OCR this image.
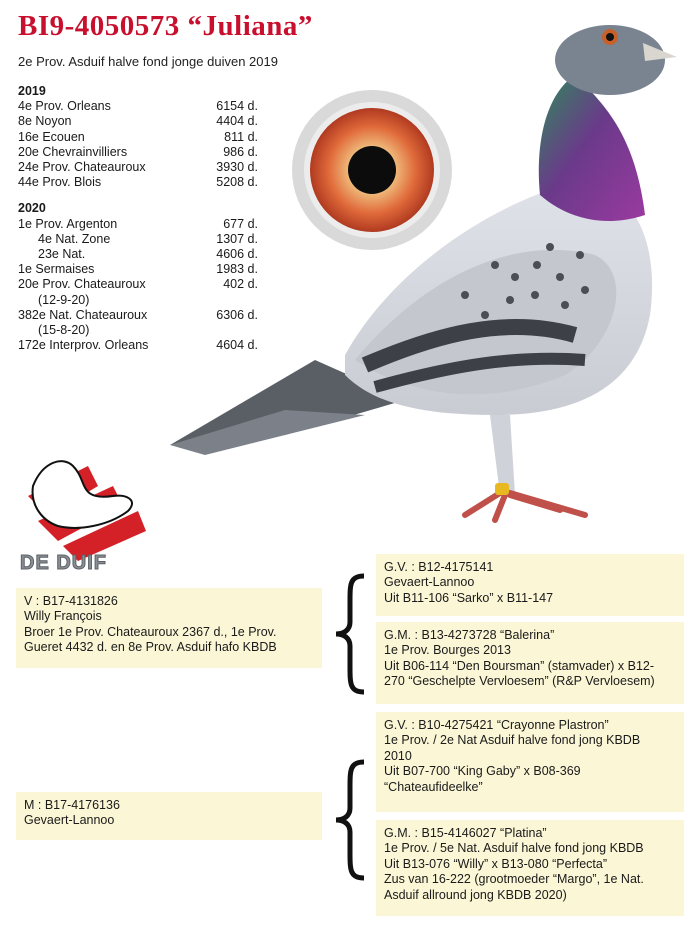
BI9-4050573 “Juliana”
2e Prov. Asduif halve fond jonge duiven 2019
2019
4e Prov. Orleans	6154 d.
8e Noyon	4404 d.
16e Ecouen	811 d.
20e Chevrainvilliers	986 d.
24e Prov. Chateauroux	3930 d.
44e Prov. Blois	5208 d.
2020
1e Prov. Argenton	677 d.
4e Nat. Zone	1307 d.
23e Nat.	4606 d.
1e Sermaises	1983 d.
20e Prov. Chateauroux	402 d.
(12-9-20)
382e Nat. Chateauroux	6306 d.
(15-8-20)
172e Interprov. Orleans	4604 d.
DE DUIF
V : B17-4131826
Willy François
Broer 1e Prov. Chateauroux 2367 d., 1e Prov.
Gueret 4432 d. en 8e Prov. Asduif hafo KBDB
M : B17-4176136
Gevaert-Lannoo
G.V. : B12-4175141
Gevaert-Lannoo
Uit B11-106 “Sarko” x B11-147
G.M. : B13-4273728 “Balerina”
1e Prov. Bourges 2013
Uit B06-114 “Den Boursman” (stamvader) x B12-
270 “Geschelpte Vervloesem” (R&P Vervloesem)
G.V. : B10-4275421 “Crayonne Plastron”
1e Prov. / 2e Nat Asduif halve fond jong KBDB
2010
Uit B07-700 “King Gaby” x B08-369
“Chateaufideelke”
G.M. : B15-4146027 “Platina”
1e Prov. / 5e Nat. Asduif halve fond jong KBDB
Uit B13-076 “Willy” x B13-080 “Perfecta”
Zus van 16-222 (grootmoeder “Margo”, 1e Nat.
Asduif allround jong KBDB 2020)
